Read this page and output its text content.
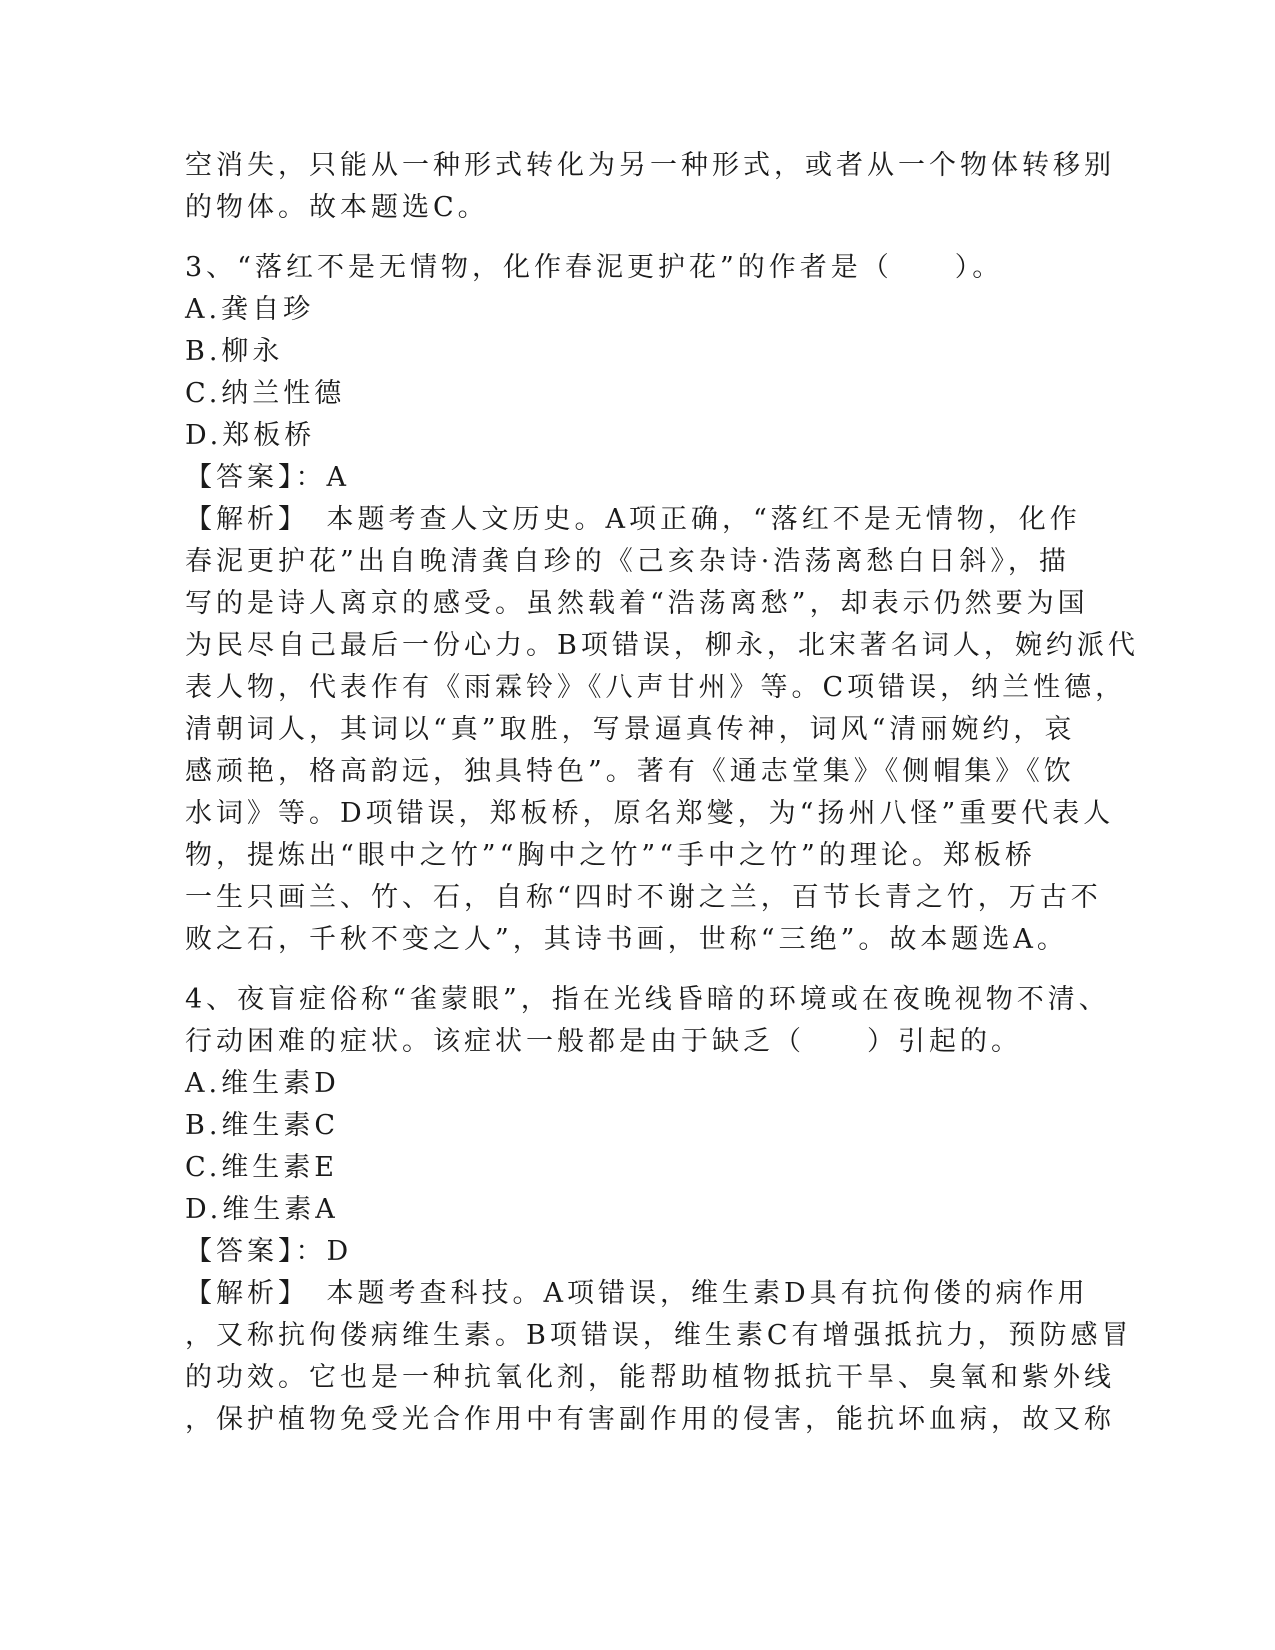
空消失，只能从一种形式转化为另一种形式，或者从一个物体转移别
的物体。故本题选C。
3、“落红不是无情物，化作春泥更护花”的作者是（　　）。
A.龚自珍
B.柳永
C.纳兰性德
D.郑板桥
【答案】：A
【解析】　本题考查人文历史。A项正确，“落红不是无情物，化作
春泥更护花”出自晚清龚自珍的《己亥杂诗·浩荡离愁白日斜》，描
写的是诗人离京的感受。虽然载着“浩荡离愁”，却表示仍然要为国
为民尽自己最后一份心力。B项错误，柳永，北宋著名词人，婉约派代
表人物，代表作有《雨霖铃》《八声甘州》等。C项错误，纳兰性德，
清朝词人，其词以“真”取胜，写景逼真传神，词风“清丽婉约，哀
感顽艳，格高韵远，独具特色”。著有《通志堂集》《侧帽集》《饮
水词》等。D项错误，郑板桥，原名郑燮，为“扬州八怪”重要代表人
物，提炼出“眼中之竹”“胸中之竹”“手中之竹”的理论。郑板桥
一生只画兰、竹、石，自称“四时不谢之兰，百节长青之竹，万古不
败之石，千秋不变之人”，其诗书画，世称“三绝”。故本题选A。
4、夜盲症俗称“雀蒙眼”，指在光线昏暗的环境或在夜晚视物不清、
行动困难的症状。该症状一般都是由于缺乏（　　）引起的。
A.维生素D
B.维生素C
C.维生素E
D.维生素A
【答案】：D
【解析】　本题考查科技。A项错误，维生素D具有抗佝偻的病作用
，又称抗佝偻病维生素。B项错误，维生素C有增强抵抗力，预防感冒
的功效。它也是一种抗氧化剂，能帮助植物抵抗干旱、臭氧和紫外线
，保护植物免受光合作用中有害副作用的侵害，能抗坏血病，故又称
